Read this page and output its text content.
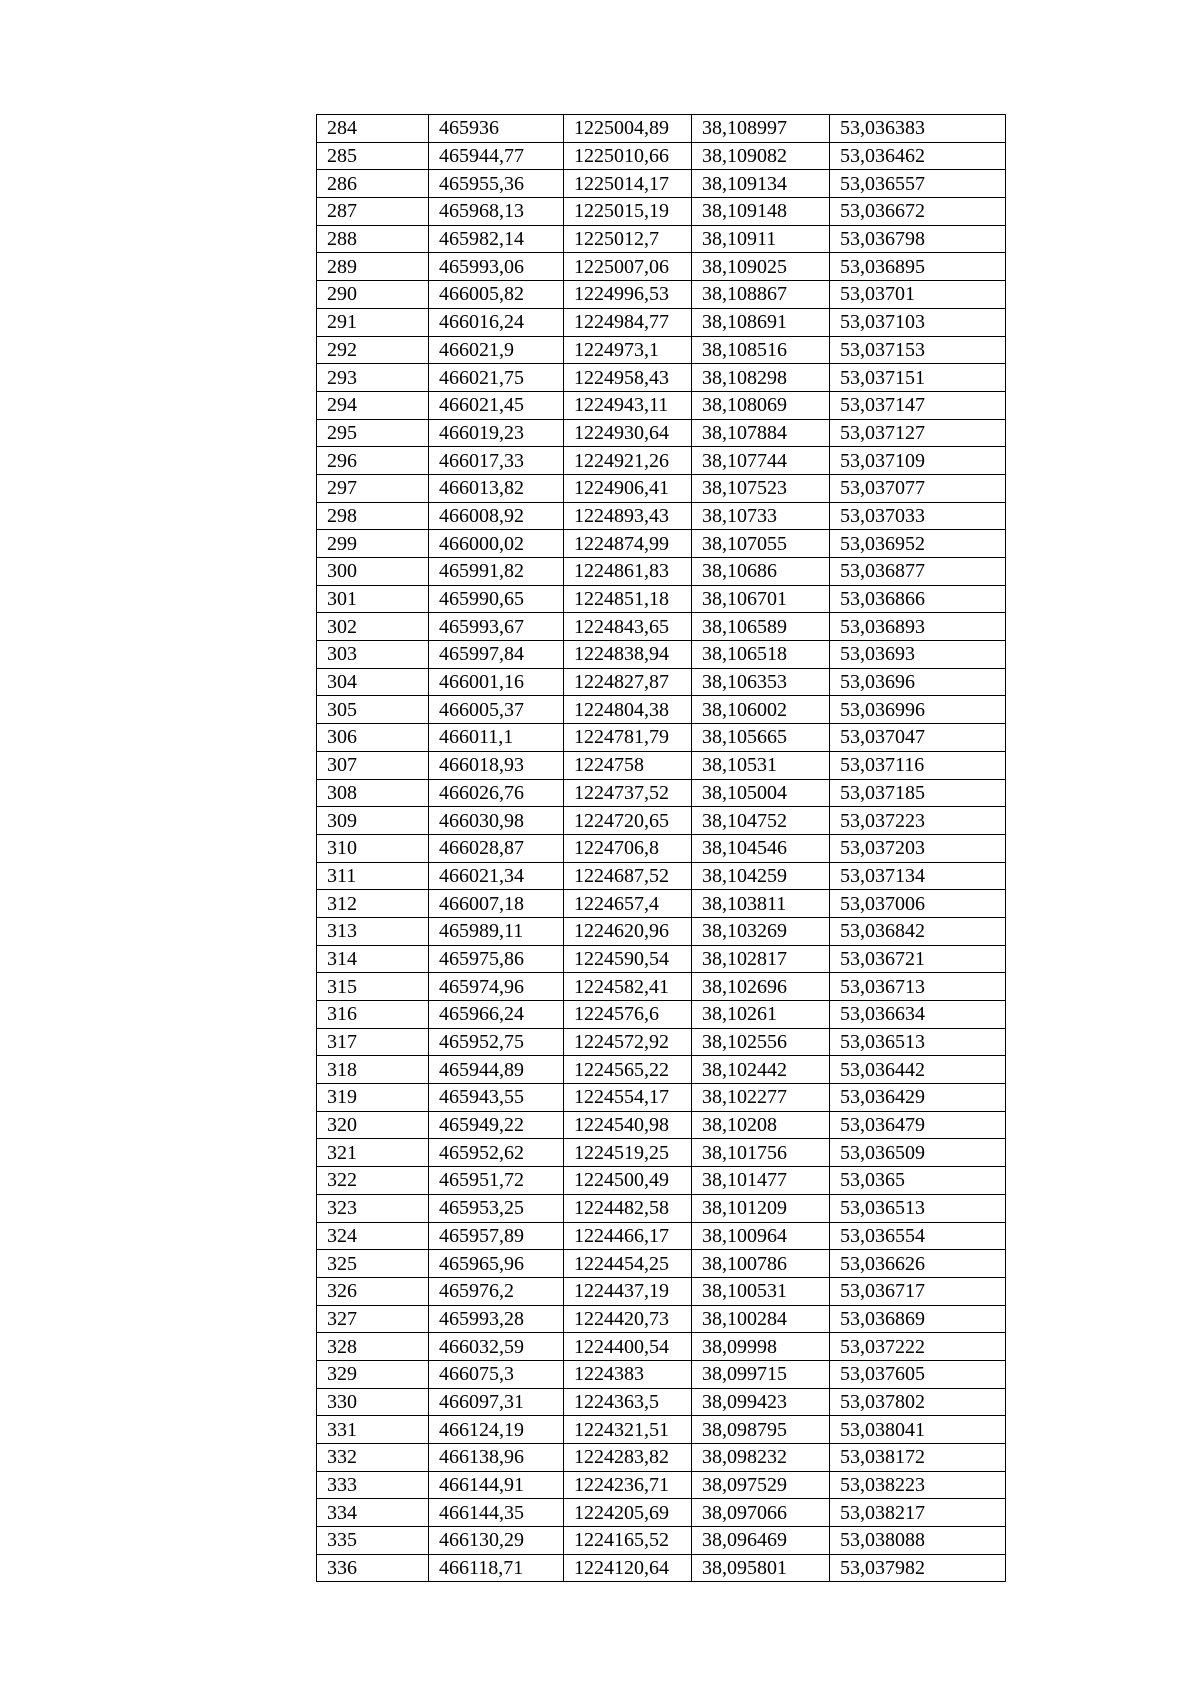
284	465936	1225004,89	38,108997	53,036383
285	465944,77	1225010,66	38,109082	53,036462
286	465955,36	1225014,17	38,109134	53,036557
287	465968,13	1225015,19	38,109148	53,036672
288	465982,14	1225012,7	38,10911	53,036798
289	465993,06	1225007,06	38,109025	53,036895
290	466005,82	1224996,53	38,108867	53,03701
291	466016,24	1224984,77	38,108691	53,037103
292	466021,9	1224973,1	38,108516	53,037153
293	466021,75	1224958,43	38,108298	53,037151
294	466021,45	1224943,11	38,108069	53,037147
295	466019,23	1224930,64	38,107884	53,037127
296	466017,33	1224921,26	38,107744	53,037109
297	466013,82	1224906,41	38,107523	53,037077
298	466008,92	1224893,43	38,10733	53,037033
299	466000,02	1224874,99	38,107055	53,036952
300	465991,82	1224861,83	38,10686	53,036877
301	465990,65	1224851,18	38,106701	53,036866
302	465993,67	1224843,65	38,106589	53,036893
303	465997,84	1224838,94	38,106518	53,03693
304	466001,16	1224827,87	38,106353	53,03696
305	466005,37	1224804,38	38,106002	53,036996
306	466011,1	1224781,79	38,105665	53,037047
307	466018,93	1224758	38,10531	53,037116
308	466026,76	1224737,52	38,105004	53,037185
309	466030,98	1224720,65	38,104752	53,037223
310	466028,87	1224706,8	38,104546	53,037203
311	466021,34	1224687,52	38,104259	53,037134
312	466007,18	1224657,4	38,103811	53,037006
313	465989,11	1224620,96	38,103269	53,036842
314	465975,86	1224590,54	38,102817	53,036721
315	465974,96	1224582,41	38,102696	53,036713
316	465966,24	1224576,6	38,10261	53,036634
317	465952,75	1224572,92	38,102556	53,036513
318	465944,89	1224565,22	38,102442	53,036442
319	465943,55	1224554,17	38,102277	53,036429
320	465949,22	1224540,98	38,10208	53,036479
321	465952,62	1224519,25	38,101756	53,036509
322	465951,72	1224500,49	38,101477	53,0365
323	465953,25	1224482,58	38,101209	53,036513
324	465957,89	1224466,17	38,100964	53,036554
325	465965,96	1224454,25	38,100786	53,036626
326	465976,2	1224437,19	38,100531	53,036717
327	465993,28	1224420,73	38,100284	53,036869
328	466032,59	1224400,54	38,09998	53,037222
329	466075,3	1224383	38,099715	53,037605
330	466097,31	1224363,5	38,099423	53,037802
331	466124,19	1224321,51	38,098795	53,038041
332	466138,96	1224283,82	38,098232	53,038172
333	466144,91	1224236,71	38,097529	53,038223
334	466144,35	1224205,69	38,097066	53,038217
335	466130,29	1224165,52	38,096469	53,038088
336	466118,71	1224120,64	38,095801	53,037982
